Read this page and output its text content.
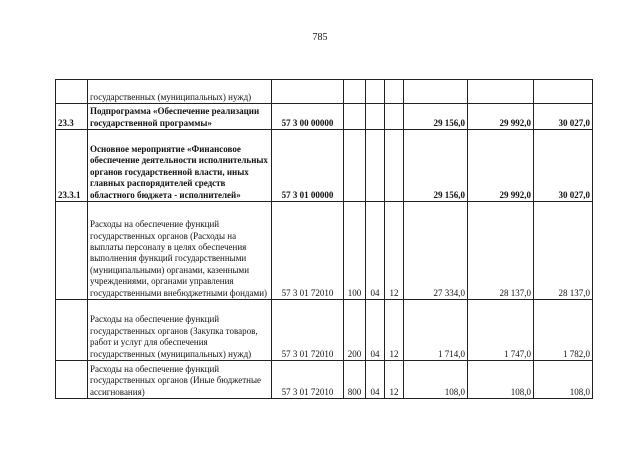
785
	государственных (муниципальных) нужд)							
23.3	Подпрограмма «Обеспечение реализации государственной программы»	57 3 00 00000				29 156,0	29 992,0	30 027,0
23.3.1	Основное мероприятие «Финансовое обеспечение деятельности исполнительных органов государственной власти, иных главных распорядителей средств областного бюджета - исполнителей»	57 3 01 00000				29 156,0	29 992,0	30 027,0
	Расходы на обеспечение функций государственных органов (Расходы на выплаты персоналу в целях обеспечения выполнения функций государственными (муниципальными) органами, казенными учреждениями, органами управления государственными внебюджетными фондами)	57 3 01 72010	100	04	12	27 334,0	28 137,0	28 137,0
	Расходы на обеспечение функций государственных органов (Закупка товаров, работ и услуг для обеспечения государственных (муниципальных) нужд)	57 3 01 72010	200	04	12	1 714,0	1 747,0	1 782,0
	Расходы на обеспечение функций государственных органов (Иные бюджетные ассигнования)	57 3 01 72010	800	04	12	108,0	108,0	108,0
